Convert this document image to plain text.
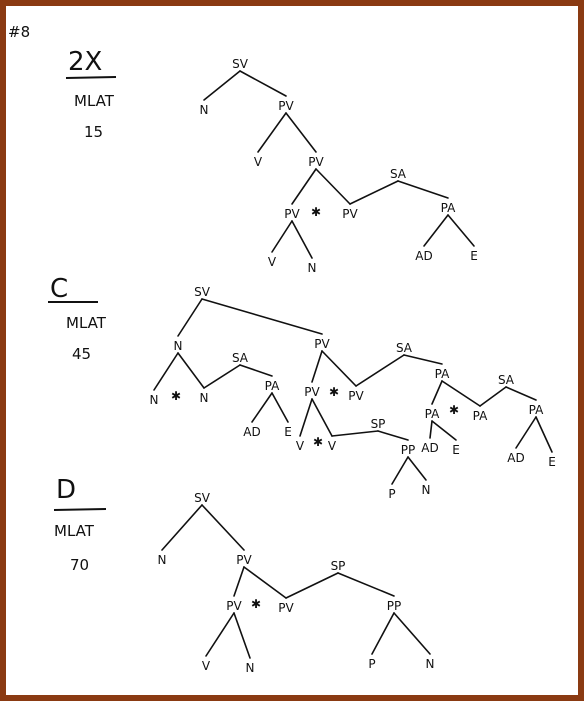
#8
2X
MLAT
15
C
MLAT
45
D
MLAT
70
SV
N	PV
V	PV
PV ✱ PV
V	N
SA
PA
AD	E
SV
N
N ✱ N
SA
PA
AD E
PV
PV ✱ PV
V ✱ V
SA
PA
PA ✱ PA
AD E
SA
PA
AD E
SP
PP
P N
SV
N	PV
PV ✱ PV
V	N
SP
PP
P	N
